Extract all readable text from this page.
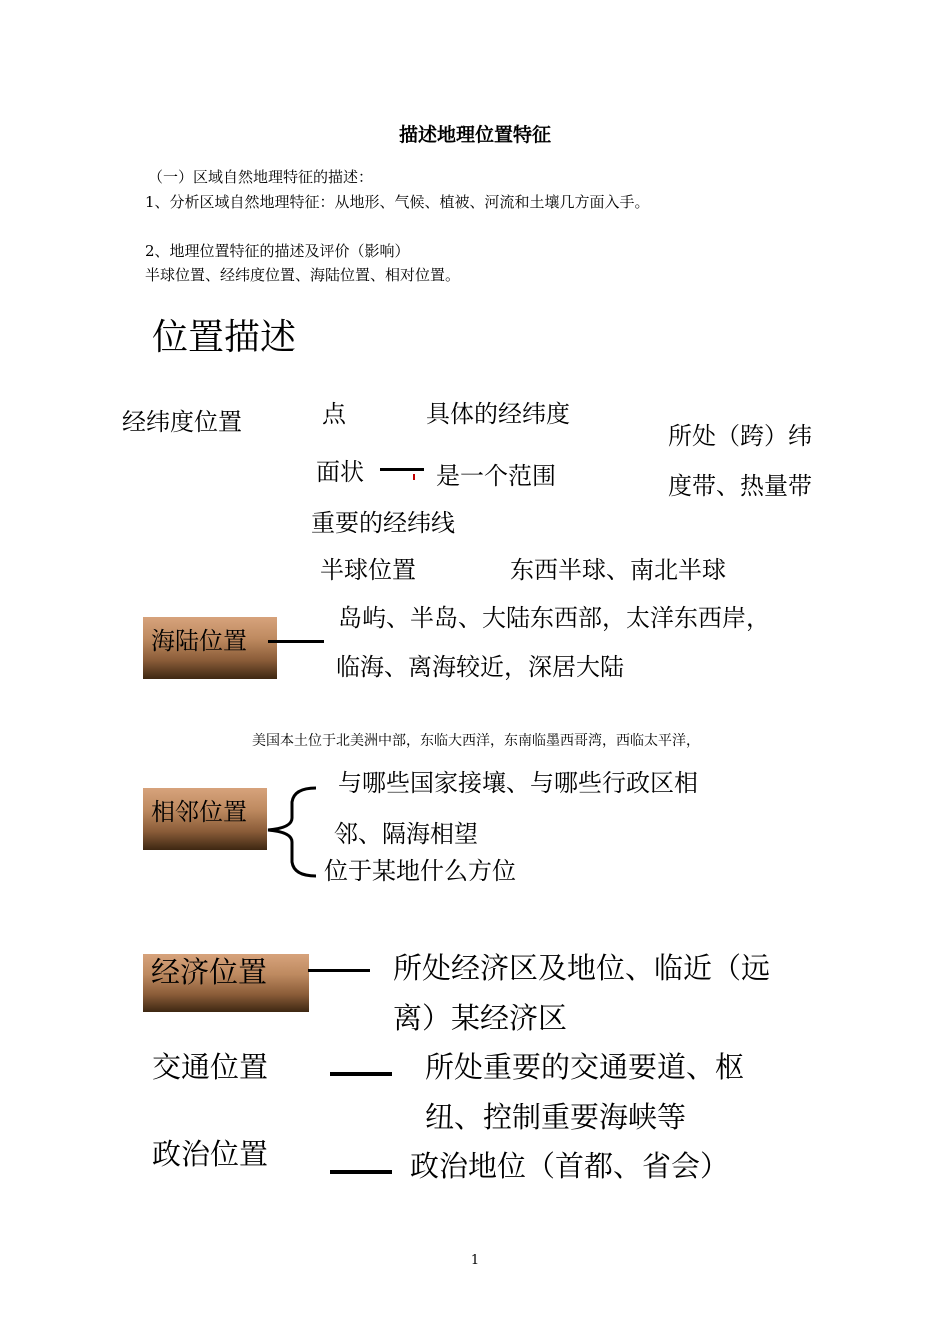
描述地理位置特征
（一）区域自然地理特征的描述：
1、分析区域自然地理特征：从地形、气候、植被、河流和土壤几方面入手。
2、地理位置特征的描述及评价（影响）
半球位置、经纬度位置、海陆位置、相对位置。
位置描述
经纬度位置	点	具体的经纬度
所处（跨）纬
度带、热量带
面状	是一个范围
重要的经纬线
半球位置	东西半球、南北半球
海陆位置
岛屿、半岛、大陆东西部，太洋东西岸，
临海、离海较近，深居大陆
美国本土位于北美洲中部，东临大西洋，东南临墨西哥湾，西临太平洋，
相邻位置
与哪些国家接壤、与哪些行政区相
邻、隔海相望
位于某地什么方位
经济位置	所处经济区及地位、临近（远
离）某经济区
交通位置	所处重要的交通要道、枢
纽、控制重要海峡等
政治位置	政治地位（首都、省会）
1
